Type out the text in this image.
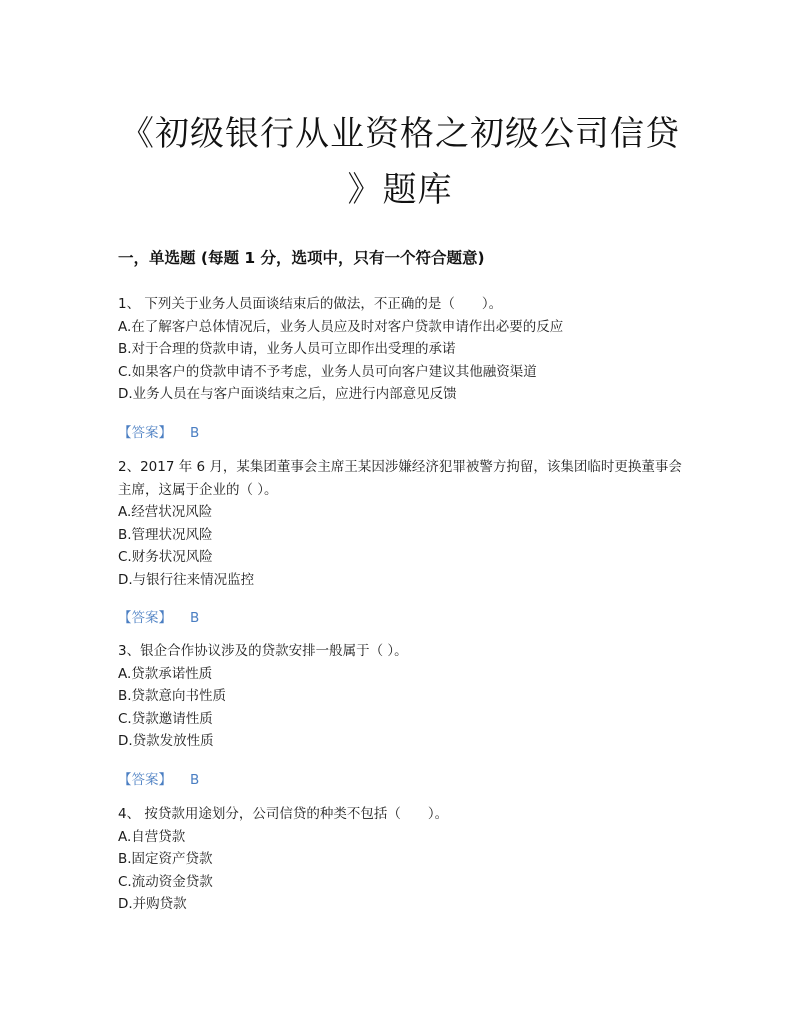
《初级银行从业资格之初级公司信贷
》题库
一，单选题 (每题 1 分，选项中，只有一个符合题意)

1、 下列关于业务人员面谈结束后的做法，不正确的是（　　）。

A.在了解客户总体情况后，业务人员应及时对客户贷款申请作出必要的反应

B.对于合理的贷款申请，业务人员可立即作出受理的承诺

C.如果客户的贷款申请不予考虑，业务人员可向客户建议其他融资渠道

D.业务人员在与客户面谈结束之后，应进行内部意见反馈

【答案】 B

2、2017 年 6 月，某集团董事会主席王某因涉嫌经济犯罪被警方拘留，该集团临时更换董事会主席，这属于企业的（ ）。

A.经营状况风险

B.管理状况风险

C.财务状况风险

D.与银行往来情况监控

【答案】 B

3、银企合作协议涉及的贷款安排一般属于（ ）。

A.贷款承诺性质

B.贷款意向书性质

C.贷款邀请性质

D.贷款发放性质

【答案】 B

4、 按贷款用途划分，公司信贷的种类不包括（　　）。

A.自营贷款

B.固定资产贷款

C.流动资金贷款

D.并购贷款
